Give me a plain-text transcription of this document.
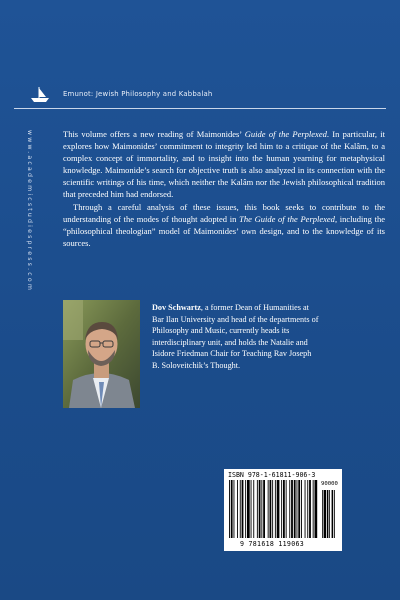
Emunot: Jewish Philosophy and Kabbalah
www.academicstudiespress.com	This volume offers a new reading of Maimonides’ Guide of the Perplexed. In particular, it explores how Maimonides’ commitment to integrity led him to a critique of the Kalâm, to a complex concept of immortality, and to insight into the human yearning for metaphysical knowledge. Maimonide’s search for objective truth is also analyzed in its connection with the scientific writings of his time, which neither the Kalâm nor the Jewish philosophical tradition that preceded him had endorsed.

Through a careful analysis of these issues, this book seeks to contribute to the understanding of the modes of thought adopted in The Guide of the Perplexed, including the “philosophical theologian” model of Maimonides’ own design, and to the knowledge of its sources.

Dov Schwartz, a former Dean of Humanities at Bar Ilan University and head of the departments of Philosophy and Music, currently heads its interdisciplinary unit, and holds the Natalie and Isidore Friedman Chair for Teaching Rav Joseph B. Soloveitchik’s Thought.
ISBN 978-1-61811-906-3
90000
9 781618 119063
